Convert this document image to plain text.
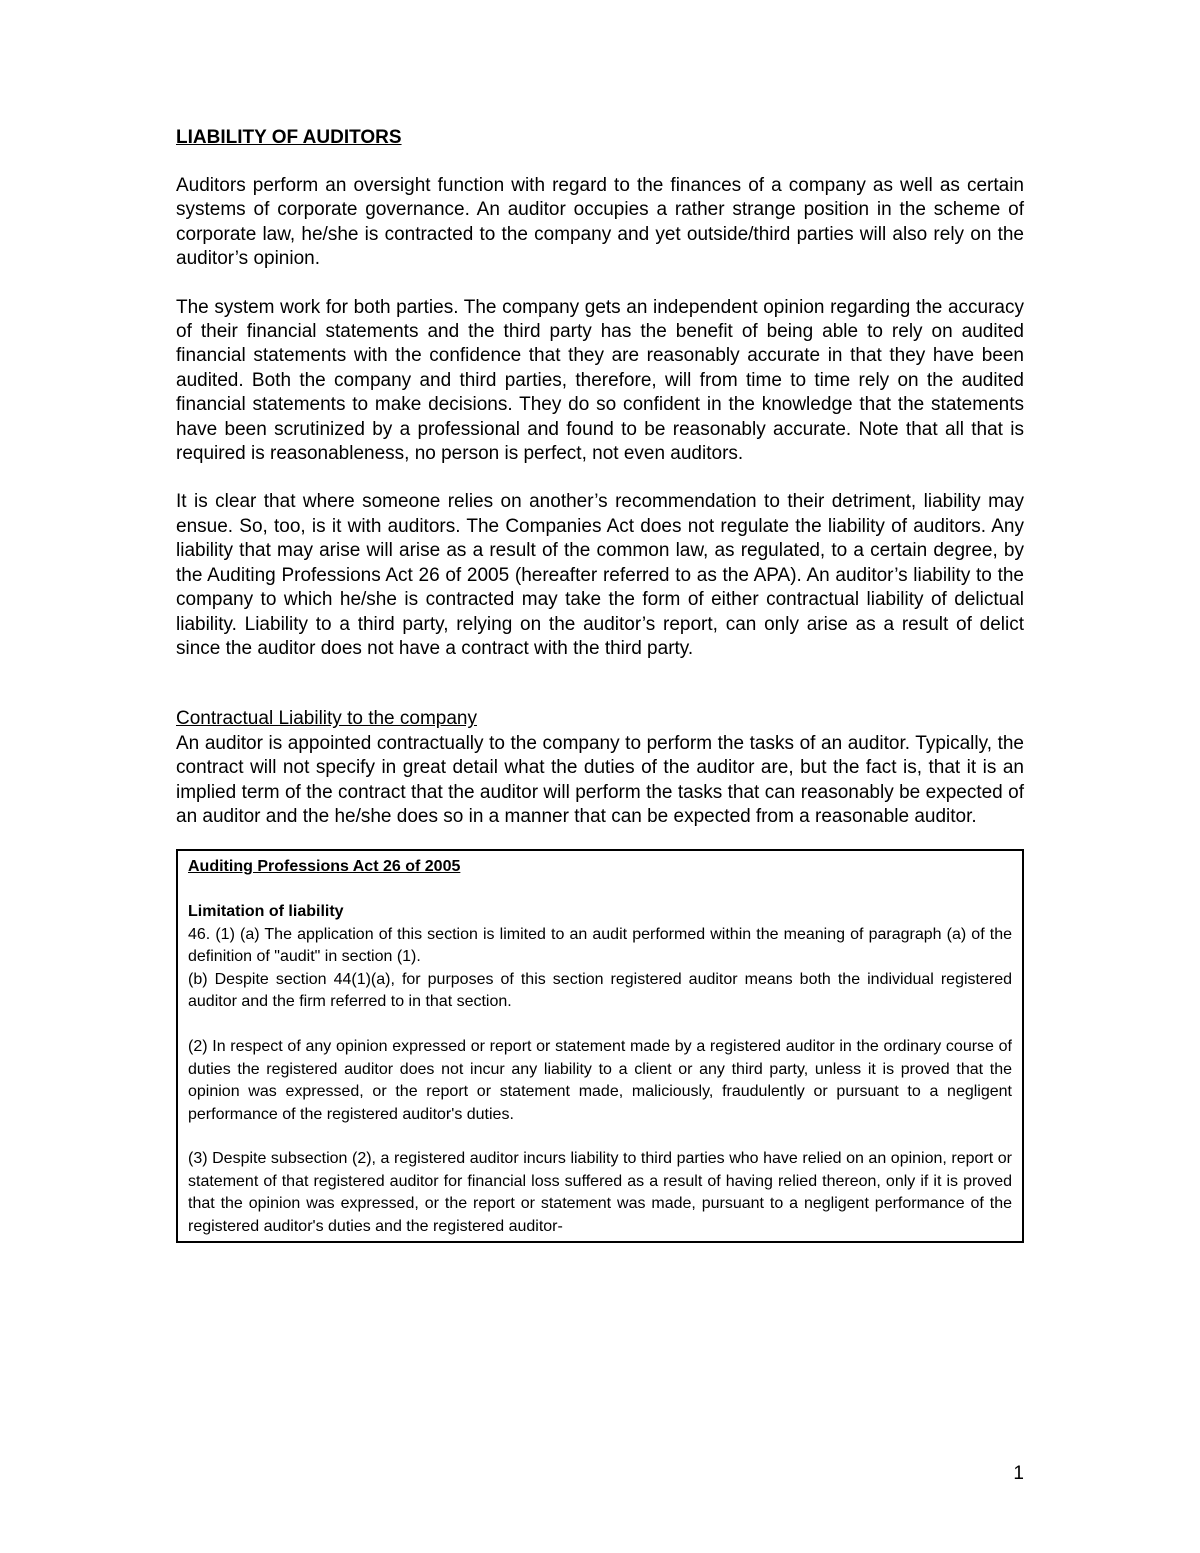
LIABILITY OF AUDITORS

Auditors perform an oversight function with regard to the finances of a company as well as certain systems of corporate governance. An auditor occupies a rather strange position in the scheme of corporate law, he/she is contracted to the company and yet outside/third parties will also rely on the auditor’s opinion.

The system work for both parties. The company gets an independent opinion regarding the accuracy of their financial statements and the third party has the benefit of being able to rely on audited financial statements with the confidence that they are reasonably accurate in that they have been audited. Both the company and third parties, therefore, will from time to time rely on the audited financial statements to make decisions. They do so confident in the knowledge that the statements have been scrutinized by a professional and found to be reasonably accurate. Note that all that is required is reasonableness, no person is perfect, not even auditors.

It is clear that where someone relies on another’s recommendation to their detriment, liability may ensue. So, too, is it with auditors. The Companies Act does not regulate the liability of auditors. Any liability that may arise will arise as a result of the common law, as regulated, to a certain degree, by the Auditing Professions Act 26 of 2005 (hereafter referred to as the APA). An auditor’s liability to the company to which he/she is contracted may take the form of either contractual liability of delictual liability. Liability to a third party, relying on the auditor’s report, can only arise as a result of delict since the auditor does not have a contract with the third party.

Contractual Liability to the company

An auditor is appointed contractually to the company to perform the tasks of an auditor. Typically, the contract will not specify in great detail what the duties of the auditor are, but the fact is, that it is an implied term of the contract that the auditor will perform the tasks that can reasonably be expected of an auditor and the he/she does so in a manner that can be expected from a reasonable auditor.

Auditing Professions Act 26 of 2005
Limitation of liability

46. (1) (a) The application of this section is limited to an audit performed within the meaning of paragraph (a) of the definition of "audit" in section (1).

(b) Despite section 44(1)(a), for purposes of this section registered auditor means both the individual registered auditor and the firm referred to in that section.

(2) In respect of any opinion expressed or report or statement made by a registered auditor in the ordinary course of duties the registered auditor does not incur any liability to a client or any third party, unless it is proved that the opinion was expressed, or the report or statement made, maliciously, fraudulently or pursuant to a negligent performance of the registered auditor's duties.

(3) Despite subsection (2), a registered auditor incurs liability to third parties who have relied on an opinion, report or statement of that registered auditor for financial loss suffered as a result of having relied thereon, only if it is proved that the opinion was expressed, or the report or statement was made, pursuant to a negligent performance of the registered auditor's duties and the registered auditor-

1
